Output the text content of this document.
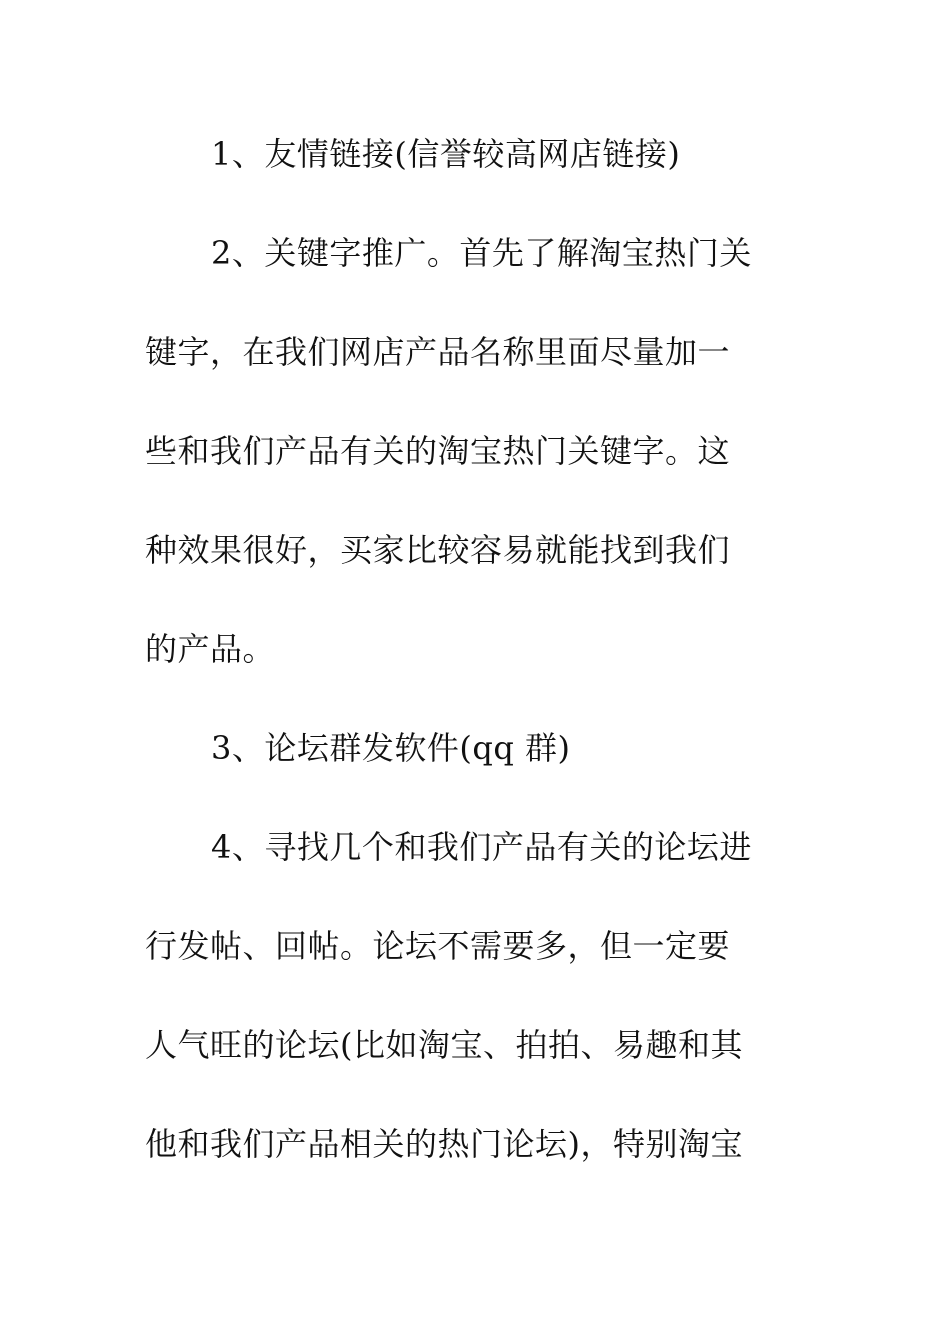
1、友情链接(信誉较高网店链接)
2、关键字推广。首先了解淘宝热门关
键字，在我们网店产品名称里面尽量加一
些和我们产品有关的淘宝热门关键字。这
种效果很好，买家比较容易就能找到我们
的产品。
3、论坛群发软件(qq 群)
4、寻找几个和我们产品有关的论坛进
行发帖、回帖。论坛不需要多，但一定要
人气旺的论坛(比如淘宝、拍拍、易趣和其
他和我们产品相关的热门论坛)，特别淘宝
